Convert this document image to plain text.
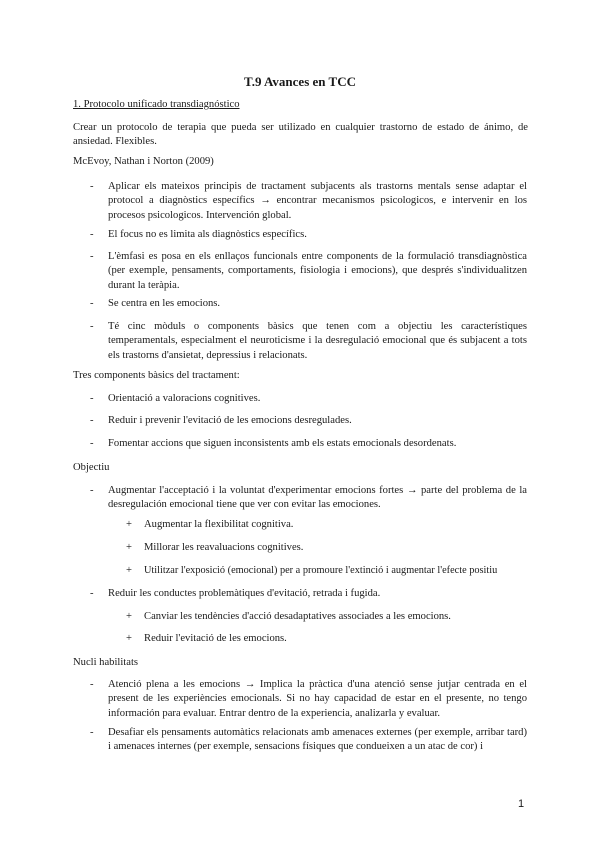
T.9 Avances en TCC

1. Protocolo unificado transdiagnóstico

Crear un protocolo de terapia que pueda ser utilizado en cualquier trastorno de estado de ánimo, de ansiedad. Flexibles.

McEvoy, Nathan i Norton (2009)

- Aplicar els mateixos principis de tractament subjacents als trastorns mentals sense adaptar el protocol a diagnòstics específics → encontrar mecanismos psicologicos, e intervenir en los procesos psicologicos. Intervención global.

- El focus no es limita als diagnòstics específics.

- L'èmfasi es posa en els enllaços funcionals entre components de la formulació transdiagnòstica (per exemple, pensaments, comportaments, fisiologia i emocions), que després s'individualitzen durant la teràpia.

- Se centra en les emocions.

- Té cinc mòduls o components bàsics que tenen com a objectiu les característiques temperamentals, especialment el neuroticisme i la desregulació emocional que és subjacent a tots els trastorns d'ansietat, depressius i relacionats.

Tres components bàsics del tractament:

- Orientació a valoracions cognitives.

- Reduir i prevenir l'evitació de les emocions desregulades.

- Fomentar accions que siguen inconsistents amb els estats emocionals desordenats.

Objectiu

- Augmentar l'acceptació i la voluntat d'experimentar emocions fortes → parte del problema de la desregulación emocional tiene que ver con evitar las emociones.

+ Augmentar la flexibilitat cognitiva.

+ Millorar les reavaluacions cognitives.

+ Utilitzar l'exposició (emocional) per a promoure l'extinció i augmentar l'efecte positiu

- Reduir les conductes problemàtiques d'evitació, retrada i fugida.

+ Canviar les tendències d'acció desadaptatives associades a les emocions.

+ Reduir l'evitació de les emocions.

Nucli habilitats

- Atenció plena a les emocions → Implica la pràctica d'una atenció sense jutjar centrada en el present de les experiències emocionals. Si no hay capacidad de estar en el presente, no tengo información para evaluar. Entrar dentro de la experiencia, analizarla y evaluar.

- Desafiar els pensaments automàtics relacionats amb amenaces externes (per exemple, arribar tard) i amenaces internes (per exemple, sensacions físiques que condueixen a un atac de cor) i

1
